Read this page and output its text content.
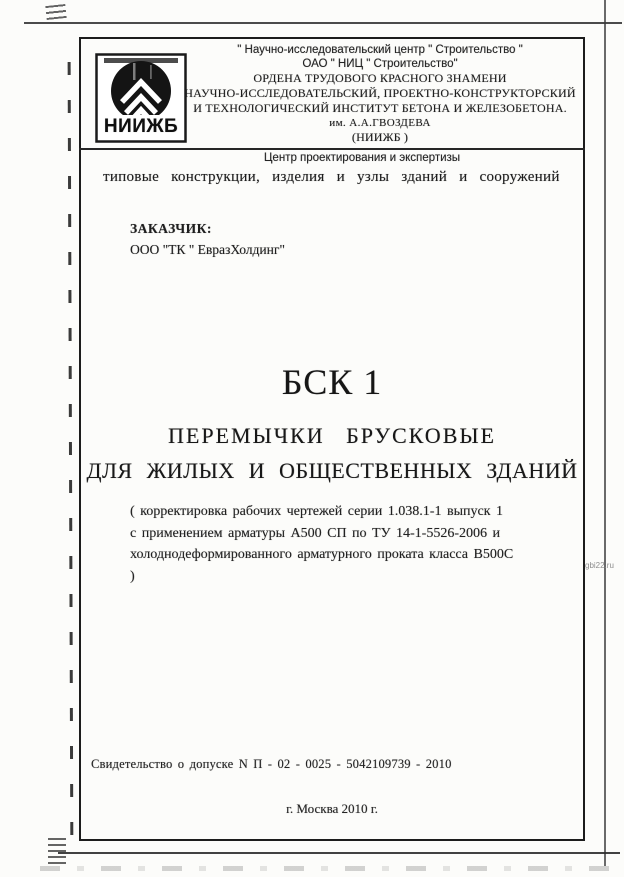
gbi22.ru
НИИЖБ
" Научно-исследовательский центр " Строительство "
ОАО " НИЦ " Строительство"
ОРДЕНА ТРУДОВОГО КРАСНОГО ЗНАМЕНИ
НАУЧНО-ИССЛЕДОВАТЕЛЬСКИЙ, ПРОЕКТНО-КОНСТРУКТОРСКИЙ
И ТЕХНОЛОГИЧЕСКИЙ ИНСТИТУТ БЕТОНА И ЖЕЛЕЗОБЕТОНА.
им. А.А.ГВОЗДЕВА
(НИИЖБ )
Центр проектирования и экспертизы
типовые конструкции, изделия и узлы зданий и сооружений
ЗАКАЗЧИК:
ООО "ТК " ЕвразХолдинг"
БСК 1
ПЕРЕМЫЧКИ БРУСКОВЫЕ
ДЛЯ ЖИЛЫХ И ОБЩЕСТВЕННЫХ ЗДАНИЙ
( корректировка рабочих чертежей серии 1.038.1-1 выпуск 1
с применением арматуры А500 СП по ТУ 14-1-5526-2006 и
холоднодеформированного арматурного проката класса В500С )
Свидетельство о допуске N П - 02 - 0025 - 5042109739 - 2010
г. Москва 2010 г.
